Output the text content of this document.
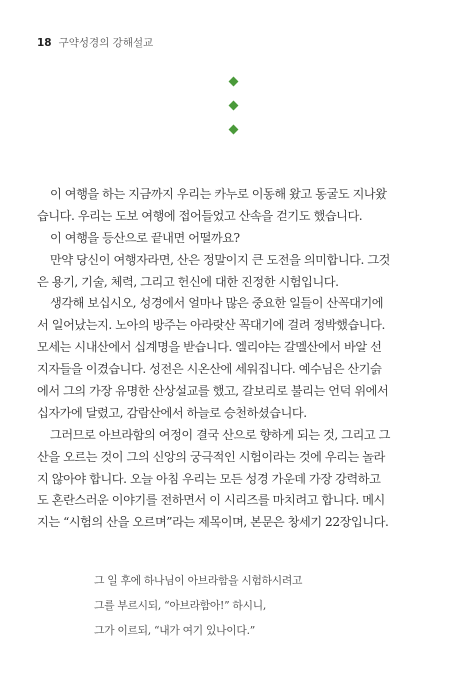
18 구약성경의 강해설교
이 여행을 하는 지금까지 우리는 카누로 이동해 왔고 동굴도 지나왔
습니다. 우리는 도보 여행에 접어들었고 산속을 걷기도 했습니다.
이 여행을 등산으로 끝내면 어떨까요?
만약 당신이 여행자라면, 산은 정말이지 큰 도전을 의미합니다. 그것
은 용기, 기술, 체력, 그리고 헌신에 대한 진정한 시험입니다.
생각해 보십시오, 성경에서 얼마나 많은 중요한 일들이 산꼭대기에
서 일어났는지. 노아의 방주는 아라랏산 꼭대기에 걸려 정박했습니다.
모세는 시내산에서 십계명을 받습니다. 엘리야는 갈멜산에서 바알 선
지자들을 이겼습니다. 성전은 시온산에 세워집니다. 예수님은 산기슭
에서 그의 가장 유명한 산상설교를 했고, 갈보리로 불리는 언덕 위에서
십자가에 달렸고, 감람산에서 하늘로 승천하셨습니다.
그러므로 아브라함의 여정이 결국 산으로 향하게 되는 것, 그리고 그
산을 오르는 것이 그의 신앙의 궁극적인 시험이라는 것에 우리는 놀라
지 않아야 합니다. 오늘 아침 우리는 모든 성경 가운데 가장 강력하고
도 혼란스러운 이야기를 전하면서 이 시리즈를 마치려고 합니다. 메시
지는 “시험의 산을 오르며”라는 제목이며, 본문은 창세기 22장입니다.
그 일 후에 하나님이 아브라함을 시험하시려고
그를 부르시되, “아브라함아!” 하시니,
그가 이르되, “내가 여기 있나이다.”
